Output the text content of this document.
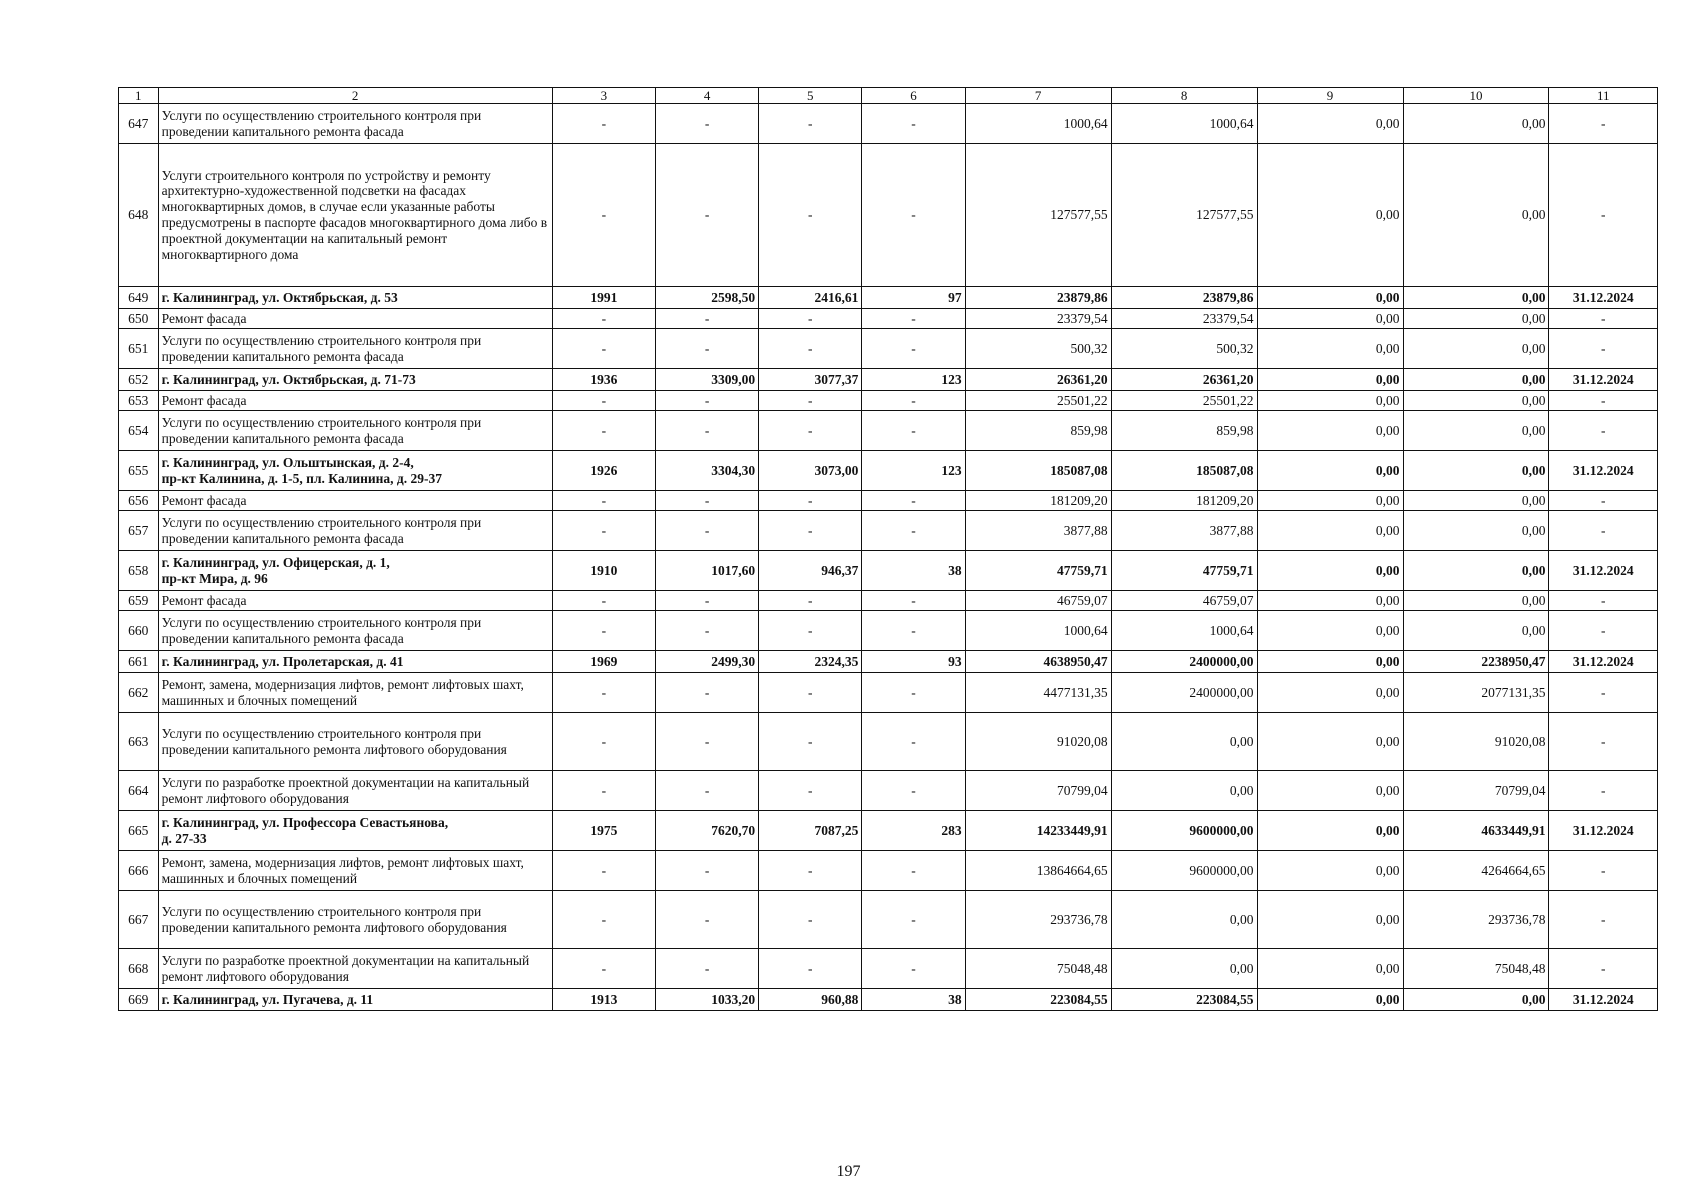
1	2	3	4	5	6	7	8	9	10	11
647	Услуги по осуществлению строительного контроля при проведении капитального ремонта фасада	-	-	-	-	1000,64	1000,64	0,00	0,00	-
648	Услуги строительного контроля по устройству и ремонту архитектурно-художественной подсветки на фасадах многоквартирных домов, в случае если указанные работы предусмотрены в паспорте фасадов многоквартирного дома либо в проектной документации на капитальный ремонт многоквартирного дома	-	-	-	-	127577,55	127577,55	0,00	0,00	-
649	г. Калининград, ул. Октябрьская, д. 53	1991	2598,50	2416,61	97	23879,86	23879,86	0,00	0,00	31.12.2024
650	Ремонт фасада	-	-	-	-	23379,54	23379,54	0,00	0,00	-
651	Услуги по осуществлению строительного контроля при проведении капитального ремонта фасада	-	-	-	-	500,32	500,32	0,00	0,00	-
652	г. Калининград, ул. Октябрьская, д. 71-73	1936	3309,00	3077,37	123	26361,20	26361,20	0,00	0,00	31.12.2024
653	Ремонт фасада	-	-	-	-	25501,22	25501,22	0,00	0,00	-
654	Услуги по осуществлению строительного контроля при проведении капитального ремонта фасада	-	-	-	-	859,98	859,98	0,00	0,00	-
655	г. Калининград, ул. Ольштынская, д. 2-4,
пр-кт Калинина, д. 1-5, пл. Калинина, д. 29-37	1926	3304,30	3073,00	123	185087,08	185087,08	0,00	0,00	31.12.2024
656	Ремонт фасада	-	-	-	-	181209,20	181209,20	0,00	0,00	-
657	Услуги по осуществлению строительного контроля при проведении капитального ремонта фасада	-	-	-	-	3877,88	3877,88	0,00	0,00	-
658	г. Калининград, ул. Офицерская, д. 1,
пр-кт Мира, д. 96	1910	1017,60	946,37	38	47759,71	47759,71	0,00	0,00	31.12.2024
659	Ремонт фасада	-	-	-	-	46759,07	46759,07	0,00	0,00	-
660	Услуги по осуществлению строительного контроля при проведении капитального ремонта фасада	-	-	-	-	1000,64	1000,64	0,00	0,00	-
661	г. Калининград, ул. Пролетарская, д. 41	1969	2499,30	2324,35	93	4638950,47	2400000,00	0,00	2238950,47	31.12.2024
662	Ремонт, замена, модернизация лифтов, ремонт лифтовых шахт, машинных и блочных помещений	-	-	-	-	4477131,35	2400000,00	0,00	2077131,35	-
663	Услуги по осуществлению строительного контроля при проведении капитального ремонта лифтового оборудования	-	-	-	-	91020,08	0,00	0,00	91020,08	-
664	Услуги по разработке проектной документации на капитальный ремонт лифтового оборудования	-	-	-	-	70799,04	0,00	0,00	70799,04	-
665	г. Калининград, ул. Профессора Севастьянова,
д. 27-33	1975	7620,70	7087,25	283	14233449,91	9600000,00	0,00	4633449,91	31.12.2024
666	Ремонт, замена, модернизация лифтов, ремонт лифтовых шахт, машинных и блочных помещений	-	-	-	-	13864664,65	9600000,00	0,00	4264664,65	-
667	Услуги по осуществлению строительного контроля при проведении капитального ремонта лифтового оборудования	-	-	-	-	293736,78	0,00	0,00	293736,78	-
668	Услуги по разработке проектной документации на капитальный ремонт лифтового оборудования	-	-	-	-	75048,48	0,00	0,00	75048,48	-
669	г. Калининград, ул. Пугачева, д. 11	1913	1033,20	960,88	38	223084,55	223084,55	0,00	0,00	31.12.2024
197
